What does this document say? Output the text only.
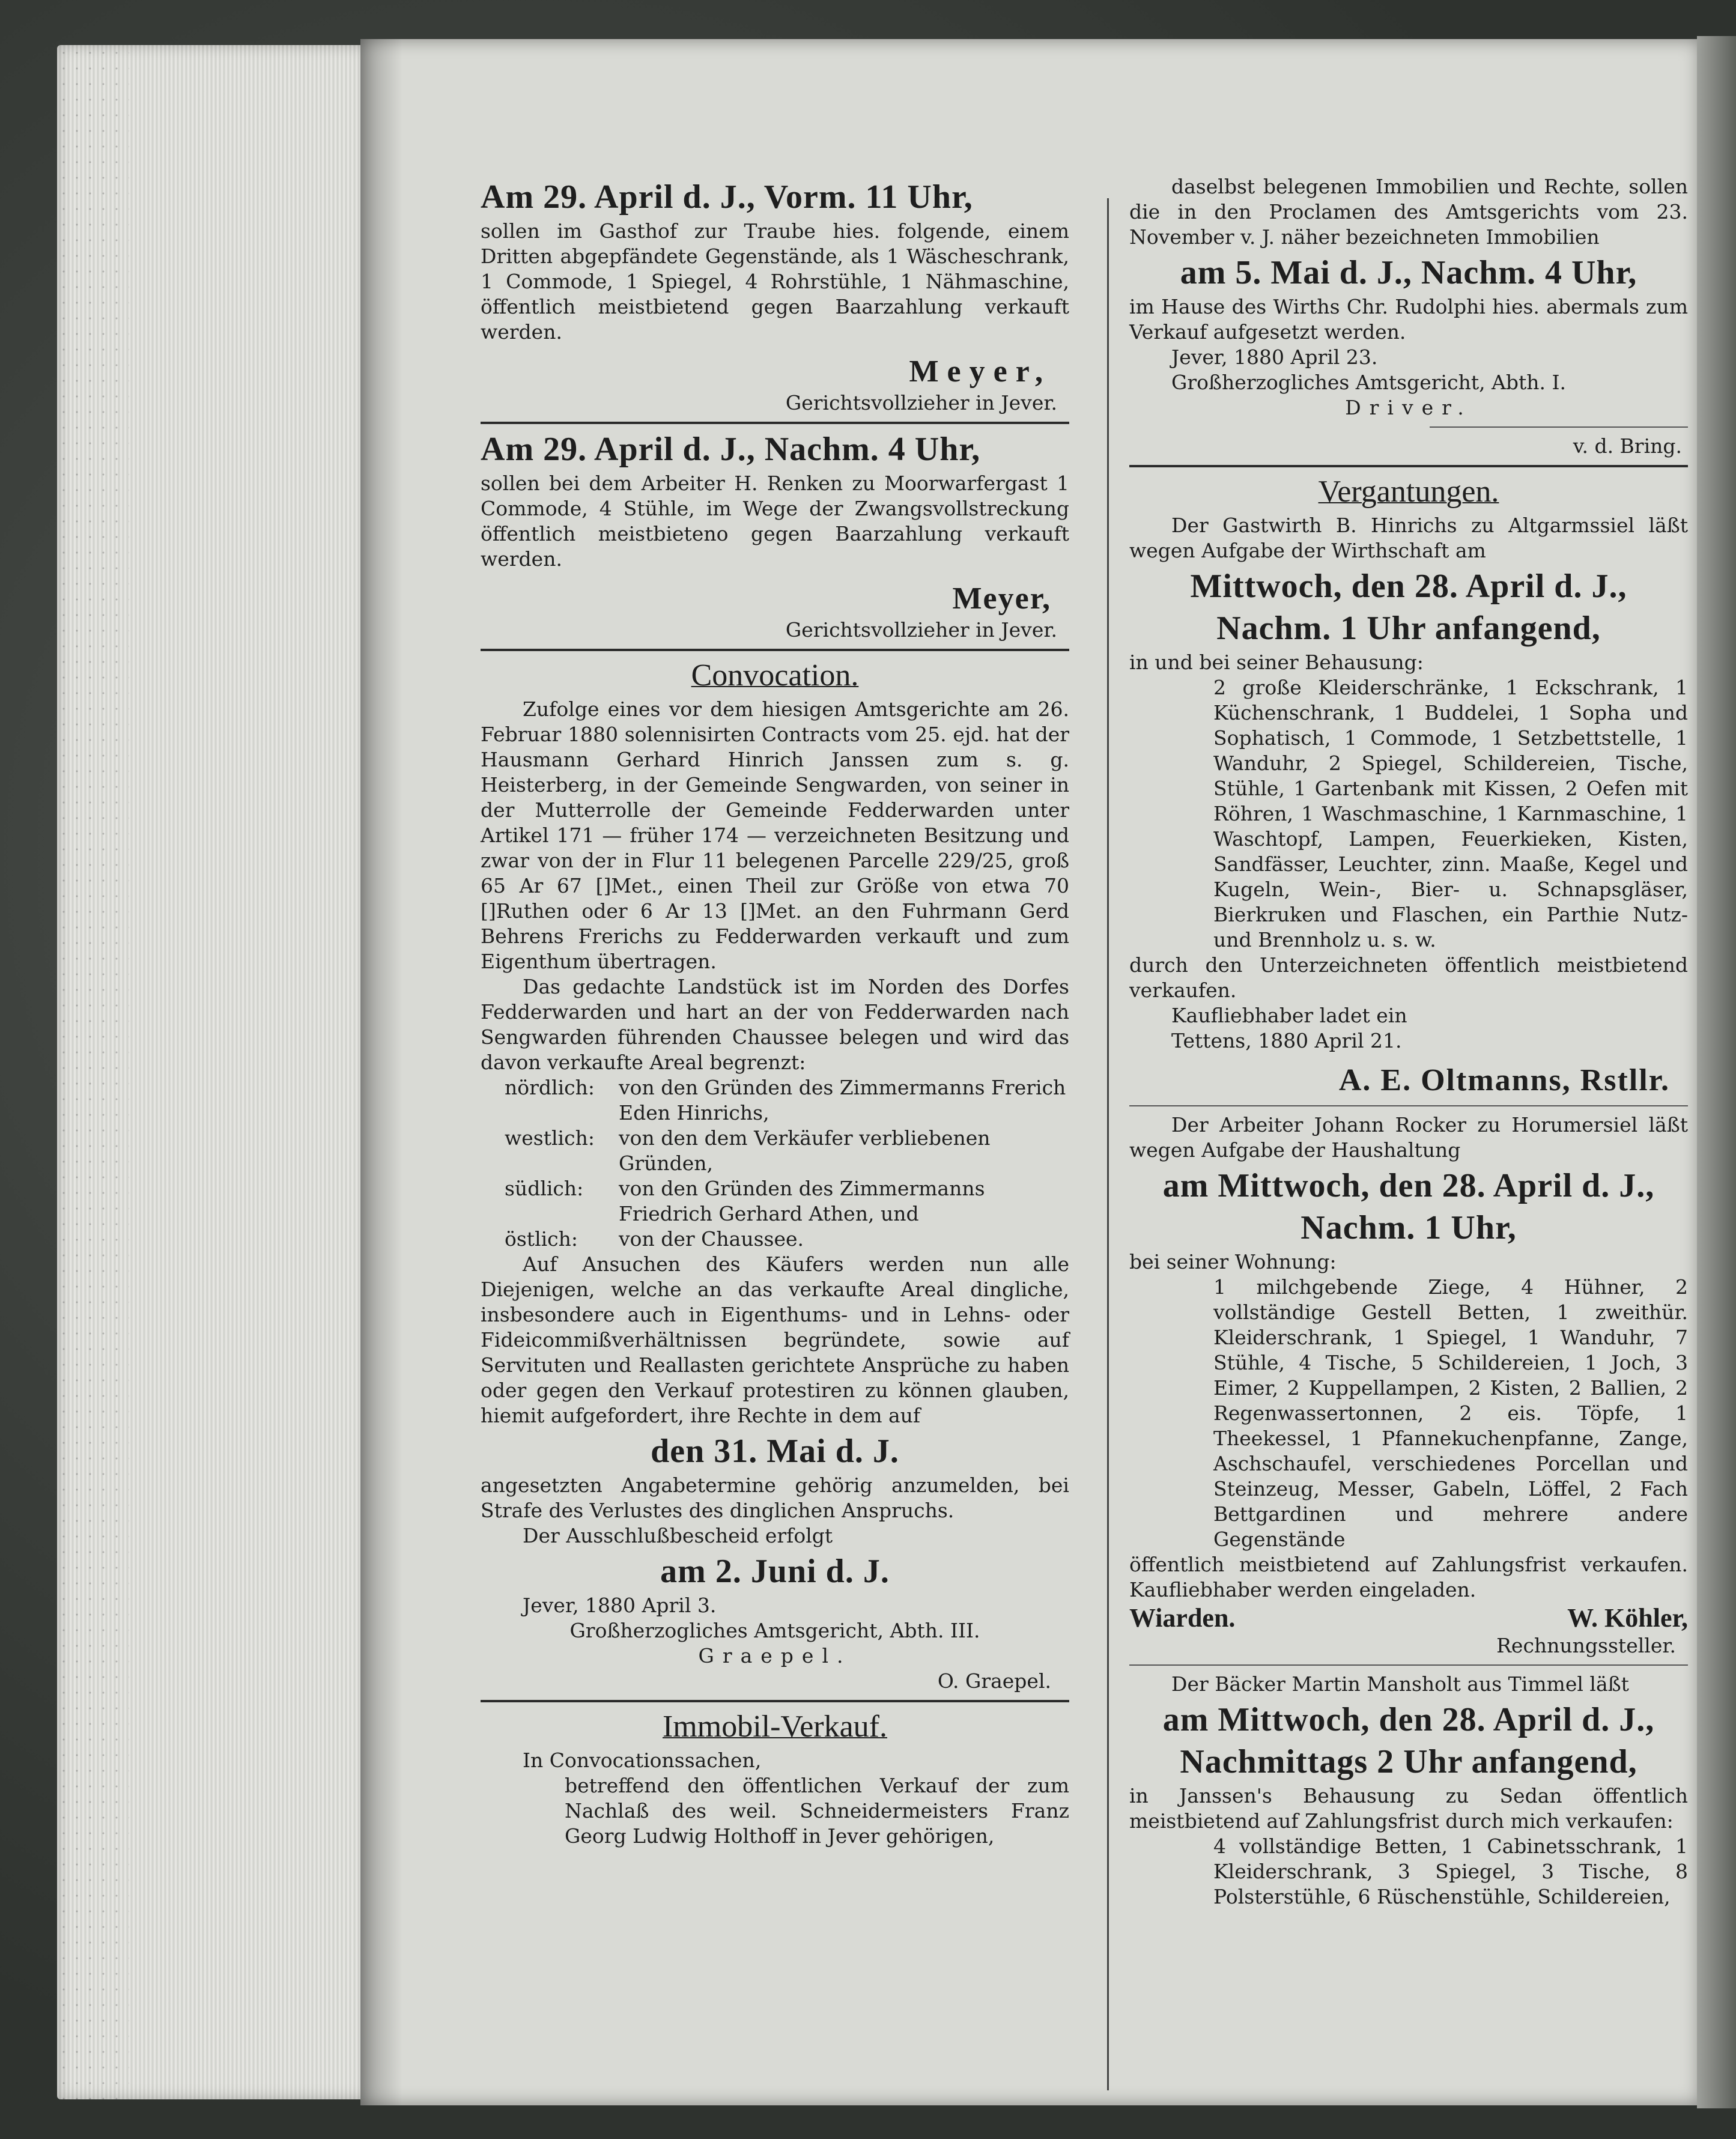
Am 29. April d. J., Vorm. 11 Uhr,

sollen im Gasthof zur Traube hies. folgende, einem Dritten abgepfändete Gegenstände, als 1 Wäscheschrank, 1 Commode, 1 Spiegel, 4 Rohrstühle, 1 Nähmaschine, öffentlich meistbietend gegen Baarzahlung verkauft werden.

Meyer,
Gerichtsvollzieher in Jever.
Am 29. April d. J., Nachm. 4 Uhr,

sollen bei dem Arbeiter H. Renken zu Moorwarfergast 1 Commode, 4 Stühle, im Wege der Zwangsvollstreckung öffentlich meistbieteno gegen Baarzahlung verkauft werden.

Meyer,
Gerichtsvollzieher in Jever.
Convocation.

Zufolge eines vor dem hiesigen Amtsgerichte am 26. Februar 1880 solennisirten Contracts vom 25. ejd. hat der Hausmann Gerhard Hinrich Janssen zum s. g. Heisterberg, in der Gemeinde Sengwarden, von seiner in der Mutterrolle der Gemeinde Fedderwarden unter Artikel 171 — früher 174 — verzeichneten Besitzung und zwar von der in Flur 11 belegenen Parcelle 229/25, groß 65 Ar 67 []Met., einen Theil zur Größe von etwa 70 []Ruthen oder 6 Ar 13 []Met. an den Fuhrmann Gerd Behrens Frerichs zu Fedderwarden verkauft und zum Eigenthum übertragen.

Das gedachte Landstück ist im Norden des Dorfes Fedderwarden und hart an der von Fedderwarden nach Sengwarden führenden Chaussee belegen und wird das davon verkaufte Areal begrenzt:

nördlich:	von den Gründen des Zimmermanns Frerich Eden Hinrichs,
westlich:	von den dem Verkäufer verbliebenen Gründen,
südlich:	von den Gründen des Zimmermanns Friedrich Gerhard Athen, und
östlich:	von der Chaussee.

Auf Ansuchen des Käufers werden nun alle Diejenigen, welche an das verkaufte Areal dingliche, insbesondere auch in Eigenthums- und in Lehns- oder Fideicommißverhältnissen begründete, sowie auf Servituten und Reallasten gerichtete Ansprüche zu haben oder gegen den Verkauf protestiren zu können glauben, hiemit aufgefordert, ihre Rechte in dem auf

den 31. Mai d. J.

angesetzten Angabetermine gehörig anzumelden, bei Strafe des Verlustes des dinglichen Anspruchs.

Der Ausschlußbescheid erfolgt

am 2. Juni d. J.

Jever, 1880 April 3.

Großherzogliches Amtsgericht, Abth. III.

Graepel.

O. Graepel.

Immobil-Verkauf.

In Convocationssachen,

betreffend den öffentlichen Verkauf der zum Nachlaß des weil. Schneidermeisters Franz Georg Ludwig Holthoff in Jever gehörigen,

daselbst belegenen Immobilien und Rechte, sollen die in den Proclamen des Amtsgerichts vom 23. November v. J. näher bezeichneten Immobilien

am 5. Mai d. J., Nachm. 4 Uhr,

im Hause des Wirths Chr. Rudolphi hies. abermals zum Verkauf aufgesetzt werden.

Jever, 1880 April 23.

Großherzogliches Amtsgericht, Abth. I.

Driver.

v. d. Bring.

Vergantungen.

Der Gastwirth B. Hinrichs zu Altgarmssiel läßt wegen Aufgabe der Wirthschaft am

Mittwoch, den 28. April d. J.,
Nachm. 1 Uhr anfangend,

in und bei seiner Behausung:

2 große Kleiderschränke, 1 Eckschrank, 1 Küchenschrank, 1 Buddelei, 1 Sopha und Sophatisch, 1 Commode, 1 Setzbettstelle, 1 Wanduhr, 2 Spiegel, Schildereien, Tische, Stühle, 1 Gartenbank mit Kissen, 2 Oefen mit Röhren, 1 Waschmaschine, 1 Karnmaschine, 1 Waschtopf, Lampen, Feuerkieken, Kisten, Sandfässer, Leuchter, zinn. Maaße, Kegel und Kugeln, Wein-, Bier- u. Schnapsgläser, Bierkruken und Flaschen, ein Parthie Nutz- und Brennholz u. s. w.

durch den Unterzeichneten öffentlich meistbietend verkaufen.

Kaufliebhaber ladet ein

Tettens, 1880 April 21.

A. E. Oltmanns, Rstllr.

Der Arbeiter Johann Rocker zu Horumersiel läßt wegen Aufgabe der Haushaltung

am Mittwoch, den 28. April d. J.,
Nachm. 1 Uhr,

bei seiner Wohnung:

1 milchgebende Ziege, 4 Hühner, 2 vollständige Gestell Betten, 1 zweithür. Kleiderschrank, 1 Spiegel, 1 Wanduhr, 7 Stühle, 4 Tische, 5 Schildereien, 1 Joch, 3 Eimer, 2 Kuppellampen, 2 Kisten, 2 Ballien, 2 Regenwassertonnen, 2 eis. Töpfe, 1 Theekessel, 1 Pfannekuchenpfanne, Zange, Aschschaufel, verschiedenes Porcellan und Steinzeug, Messer, Gabeln, Löffel, 2 Fach Bettgardinen und mehrere andere Gegenstände

öffentlich meistbietend auf Zahlungsfrist verkaufen. Kaufliebhaber werden eingeladen.

Wiarden.	W. Köhler,
Rechnungssteller.

Der Bäcker Martin Mansholt aus Timmel läßt

am Mittwoch, den 28. April d. J.,
Nachmittags 2 Uhr anfangend,

in Janssen's Behausung zu Sedan öffentlich meistbietend auf Zahlungsfrist durch mich verkaufen:

4 vollständige Betten, 1 Cabinetsschrank, 1 Kleiderschrank, 3 Spiegel, 3 Tische, 8 Polsterstühle, 6 Rüschenstühle, Schildereien,
